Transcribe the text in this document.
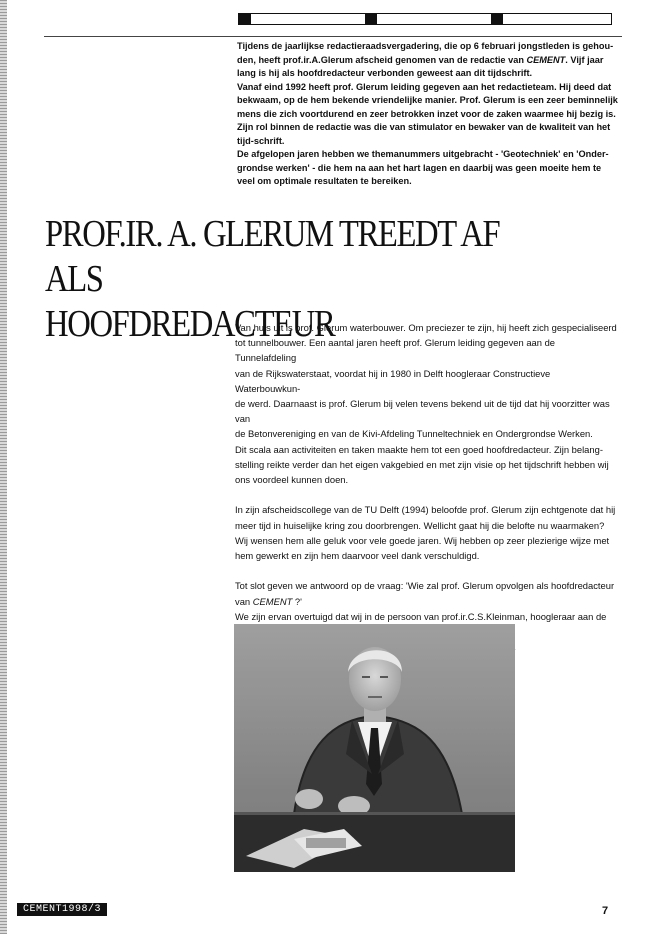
Tijdens de jaarlijkse redactieraadsvergadering, die op 6 februari jongstleden is gehou- den, heeft prof.ir.A.Glerum afscheid genomen van de redactie van CEMENT. Vijf jaar lang is hij als hoofdredacteur verbonden geweest aan dit tijdschrift.

Vanaf eind 1992 heeft prof. Glerum leiding gegeven aan het redactieteam. Hij deed dat bekwaam, op de hem bekende vriendelijke manier. Prof. Glerum is een zeer beminnelijk mens die zich voortdurend en zeer betrokken inzet voor de zaken waarmee hij bezig is. Zijn rol binnen de redactie was die van stimulator en bewaker van de kwaliteit van het tijd-schrift.

De afgelopen jaren hebben we themanummers uitgebracht - 'Geotechniek' en 'Onder-grondse werken' - die hem na aan het hart lagen en daarbij was geen moeite hem te veel om optimale resultaten te bereiken.

PROF.IR. A. GLERUM TREEDT AF ALS
HOOFDREDACTEUR

Van huis uit is prof. Glerum waterbouwer. Om preciezer te zijn, hij heeft zich gespecialiseerd
tot tunnelbouwer. Een aantal jaren heeft prof. Glerum leiding gegeven aan de Tunnelafdeling
van de Rijkswaterstaat, voordat hij in 1980 in Delft hoogleraar Constructieve Waterbouwkun-
de werd. Daarnaast is prof. Glerum bij velen tevens bekend uit de tijd dat hij voorzitter was van
de Betonvereniging en van de Kivi-Afdeling Tunneltechniek en Ondergrondse Werken.
Dit scala aan activiteiten en taken maakte hem tot een goed hoofdredacteur. Zijn belang-
stelling reikte verder dan het eigen vakgebied en met zijn visie op het tijdschrift hebben wij
ons voordeel kunnen doen.

In zijn afscheidscollege van de TU Delft (1994) beloofde prof. Glerum zijn echtgenote dat hij
meer tijd in huiselijke kring zou doorbrengen. Wellicht gaat hij die belofte nu waarmaken?
Wij wensen hem alle geluk voor vele goede jaren. Wij hebben op zeer plezierige wijze met
hem gewerkt en zijn hem daarvoor veel dank verschuldigd.

Tot slot geven we antwoord op de vraag: 'Wie zal prof. Glerum opvolgen als hoofdredacteur
van CEMENT ?'
We zijn ervan overtuigd dat wij in de persoon van prof.ir.C.S.Kleinman, hoogleraar aan de

CEMENT1998/3	7
